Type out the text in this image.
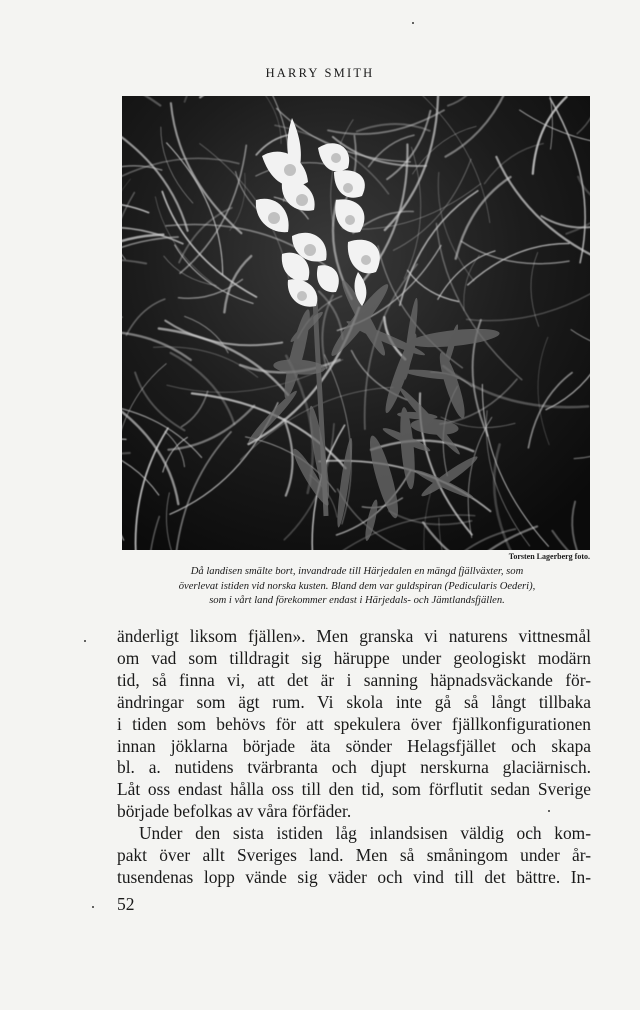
HARRY SMITH
Torsten Lagerberg foto.
Då landisen smälte bort, invandrade till Härjedalen en mängd fjällväxter, som
överlevat istiden vid norska kusten. Bland dem var guldspiran (Pedicularis Oederi),
som i vårt land förekommer endast i Härjedals- och Jämtlandsfjällen.
änderligt liksom fjällen». Men granska vi naturens vittnesmål
om vad som tilldragit sig häruppe under geologiskt modärn
tid, så finna vi, att det är i sanning häpnadsväckande för-
ändringar som ägt rum. Vi skola inte gå så långt tillbaka
i tiden som behövs för att spekulera över fjällkonfigurationen
innan jöklarna började äta sönder Helagsfjället och skapa
bl. a. nutidens tvärbranta och djupt nerskurna glaciärnisch.
Låt oss endast hålla oss till den tid, som förflutit sedan Sverige
började befolkas av våra förfäder.
Under den sista istiden låg inlandsisen väldig och kom-
pakt över allt Sveriges land. Men så småningom under år-
tusendenas lopp vände sig väder och vind till det bättre. In-
52
